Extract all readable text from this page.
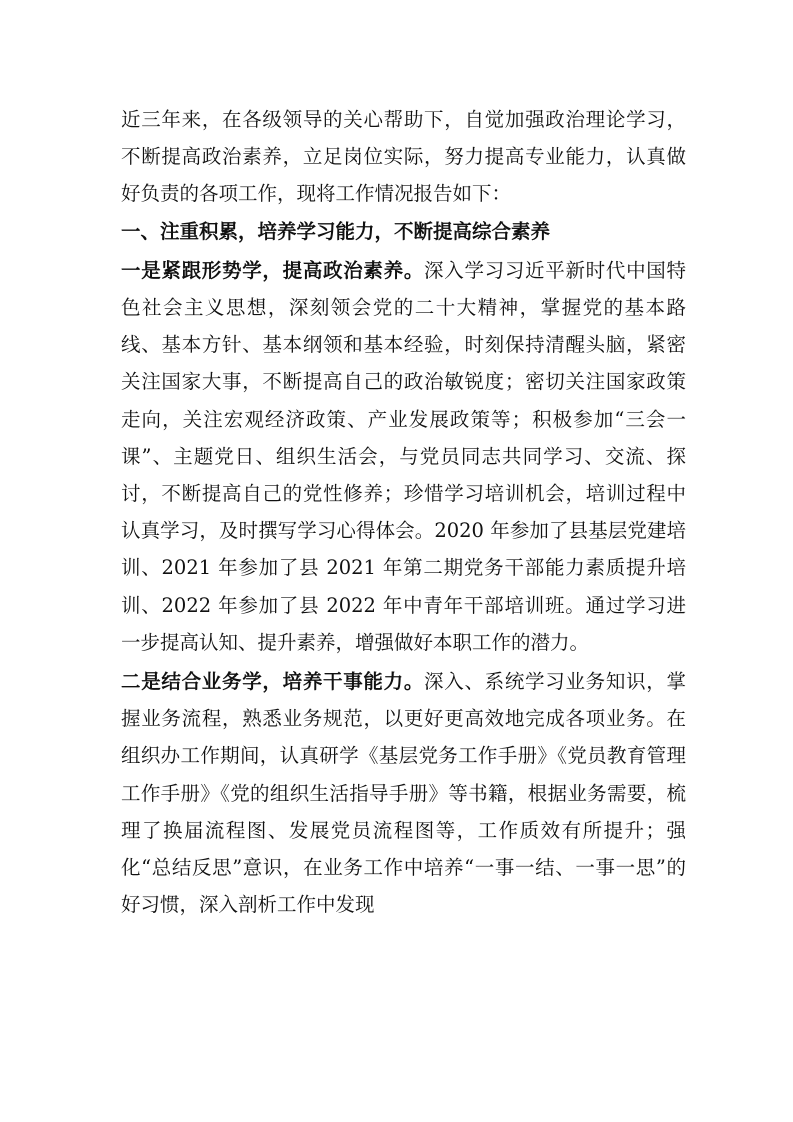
近三年来，在各级领导的关心帮助下，自觉加强政治理论学习，不断提高政治素养，立足岗位实际，努力提高专业能力，认真做好负责的各项工作，现将工作情况报告如下：

一、注重积累，培养学习能力，不断提高综合素养

一是紧跟形势学，提高政治素养。深入学习习近平新时代中国特色社会主义思想，深刻领会党的二十大精神，掌握党的基本路线、基本方针、基本纲领和基本经验，时刻保持清醒头脑，紧密关注国家大事，不断提高自己的政治敏锐度；密切关注国家政策走向，关注宏观经济政策、产业发展政策等；积极参加“三会一课”、主题党日、组织生活会，与党员同志共同学习、交流、探讨，不断提高自己的党性修养；珍惜学习培训机会，培训过程中认真学习，及时撰写学习心得体会。2020 年参加了县基层党建培训、2021 年参加了县 2021 年第二期党务干部能力素质提升培训、2022 年参加了县 2022 年中青年干部培训班。通过学习进一步提高认知、提升素养，增强做好本职工作的潜力。

二是结合业务学，培养干事能力。深入、系统学习业务知识，掌握业务流程，熟悉业务规范，以更好更高效地完成各项业务。在组织办工作期间，认真研学《基层党务工作手册》《党员教育管理工作手册》《党的组织生活指导手册》等书籍，根据业务需要，梳理了换届流程图、发展党员流程图等，工作质效有所提升；强化“总结反思”意识，在业务工作中培养“一事一结、一事一思”的好习惯，深入剖析工作中发现
